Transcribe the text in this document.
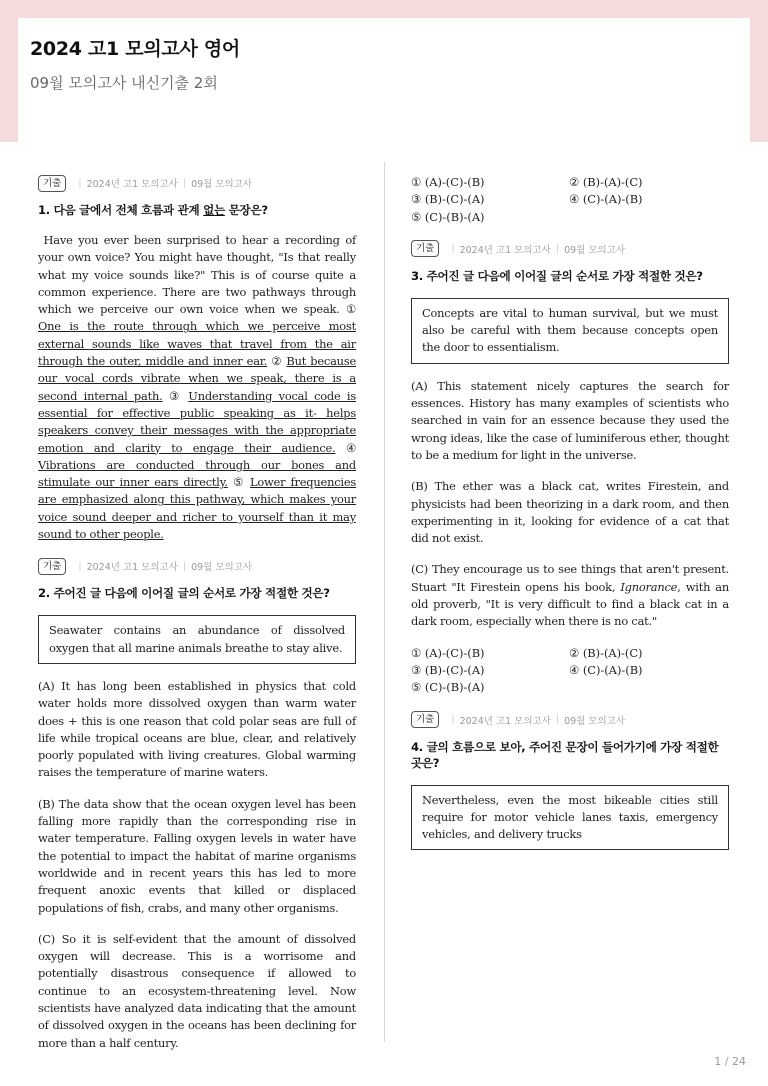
2024 고1 모의고사 영어
09월 모의고사 내신기출 2회
기출	| 2024년 고1 모의고사 | 09월 모의고사
1. 다음 글에서 전체 흐름과 관계 없는 문장은?

Have you ever been surprised to hear a recording of your own voice? You might have thought, "Is that really what my voice sounds like?" This is of course quite a common experience. There are two pathways through which we perceive our own voice when we speak. ① One is the route through which we perceive most external sounds like waves that travel from the air through the outer, middle and inner ear. ② But because our vocal cords vibrate when we speak, there is a second internal path. ③ Understanding vocal code is essential for effective public speaking as it- helps speakers convey their messages with the appropriate emotion and clarity to engage their audience. ④ Vibrations are conducted through our bones and stimulate our inner ears directly. ⑤ Lower frequencies are emphasized along this pathway, which makes your voice sound deeper and richer to yourself than it may sound to other people.

기출	| 2024년 고1 모의고사 | 09월 모의고사
2. 주어진 글 다음에 이어질 글의 순서로 가장 적절한 것은?
Seawater contains an abundance of dissolved oxygen that all marine animals breathe to stay alive.

(A) It has long been established in physics that cold water holds more dissolved oxygen than warm water does + this is one reason that cold polar seas are full of life while tropical oceans are blue, clear, and relatively poorly populated with living creatures. Global warming raises the temperature of marine waters.

(B) The data show that the ocean oxygen level has been falling more rapidly than the corresponding rise in water temperature. Falling oxygen levels in water have the potential to impact the habitat of marine organisms worldwide and in recent years this has led to more frequent anoxic events that killed or displaced populations of fish, crabs, and many other organisms.

(C) So it is self-evident that the amount of dissolved oxygen will decrease. This is a worrisome and potentially disastrous consequence if allowed to continue to an ecosystem-threatening level. Now scientists have analyzed data indicating that the amount of dissolved oxygen in the oceans has been declining for more than a half century.

① (A)-(C)-(B)	② (B)-(A)-(C)
③ (B)-(C)-(A)	④ (C)-(A)-(B)
⑤ (C)-(B)-(A)
기출	| 2024년 고1 모의고사 | 09월 모의고사
3. 주어진 글 다음에 이어질 글의 순서로 가장 적절한 것은?
Concepts are vital to human survival, but we must also be careful with them because concepts open the door to essentialism.

(A) This statement nicely captures the search for essences. History has many examples of scientists who searched in vain for an essence because they used the wrong ideas, like the case of luminiferous ether, thought to be a medium for light in the universe.

(B) The ether was a black cat, writes Firestein, and physicists had been theorizing in a dark room, and then experimenting in it, looking for evidence of a cat that did not exist.

(C) They encourage us to see things that aren't present. Stuart "It Firestein opens his book, Ignorance, with an old proverb, "It is very difficult to find a black cat in a dark room, especially when there is no cat."

① (A)-(C)-(B)	② (B)-(A)-(C)
③ (B)-(C)-(A)	④ (C)-(A)-(B)
⑤ (C)-(B)-(A)
기출	| 2024년 고1 모의고사 | 09월 모의고사
4. 글의 흐름으로 보아, 주어진 문장이 들어가기에 가장 적절한 곳은?
Nevertheless, even the most bikeable cities still require for motor vehicle lanes taxis, emergency vehicles, and delivery trucks
1 / 24
